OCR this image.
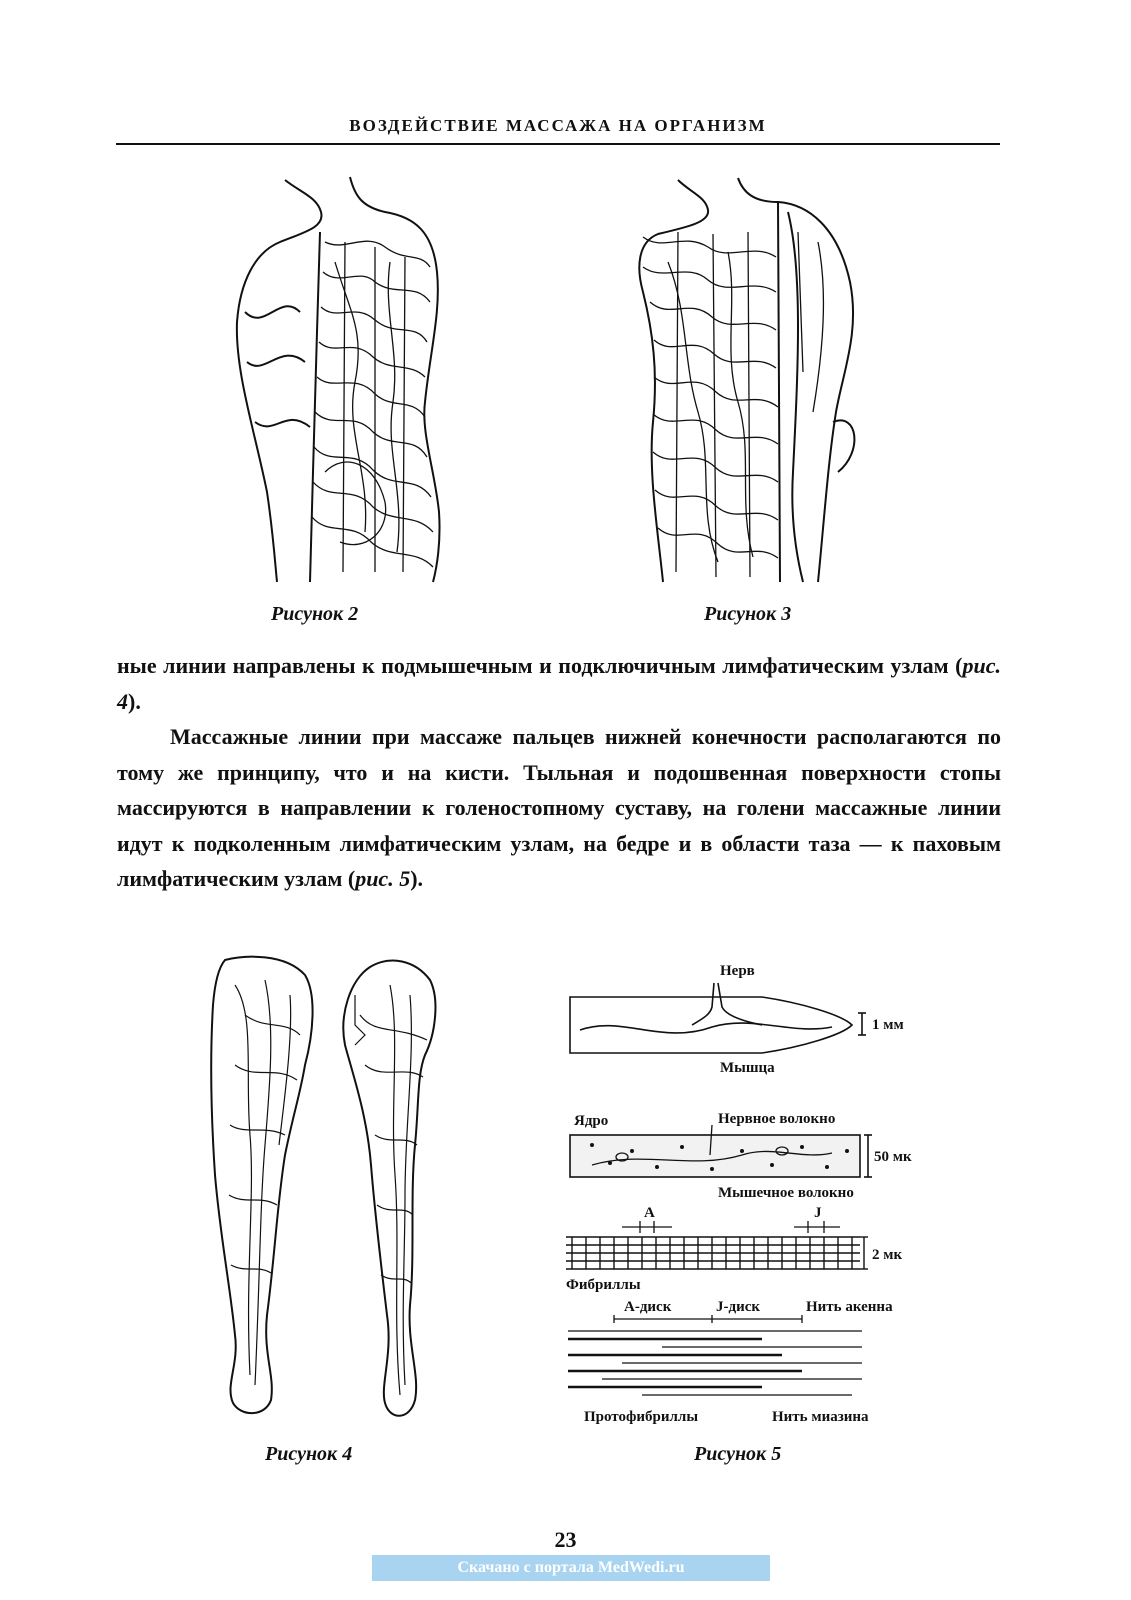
ВОЗДЕЙСТВИЕ МАССАЖА НА ОРГАНИЗМ
Рисунок 2	Рисунок 3

ные линии направлены к подмышечным и подключичным лимфатическим узлам (рис. 4).

Массажные линии при массаже пальцев нижней конечности располагаются по тому же принципу, что и на кисти. Тыльная и подошвенная поверхности стопы массируются в направлении к голеностопному суставу, на голени массажные линии идут к подколенным лимфатическим узлам, на бедре и в области таза — к паховым лимфатическим узлам (рис. 5).

Рисунок 4
Нерв
1 мм
Мышца
Ядро	Нервное волокно
50 мк
Мышечное волокно
A	J
2 мк
Фибриллы
А-диск	J-диск	Нить акенна
Протофибриллы	Нить миазина
Рисунок 5
23
Скачано с портала MedWedi.ru
